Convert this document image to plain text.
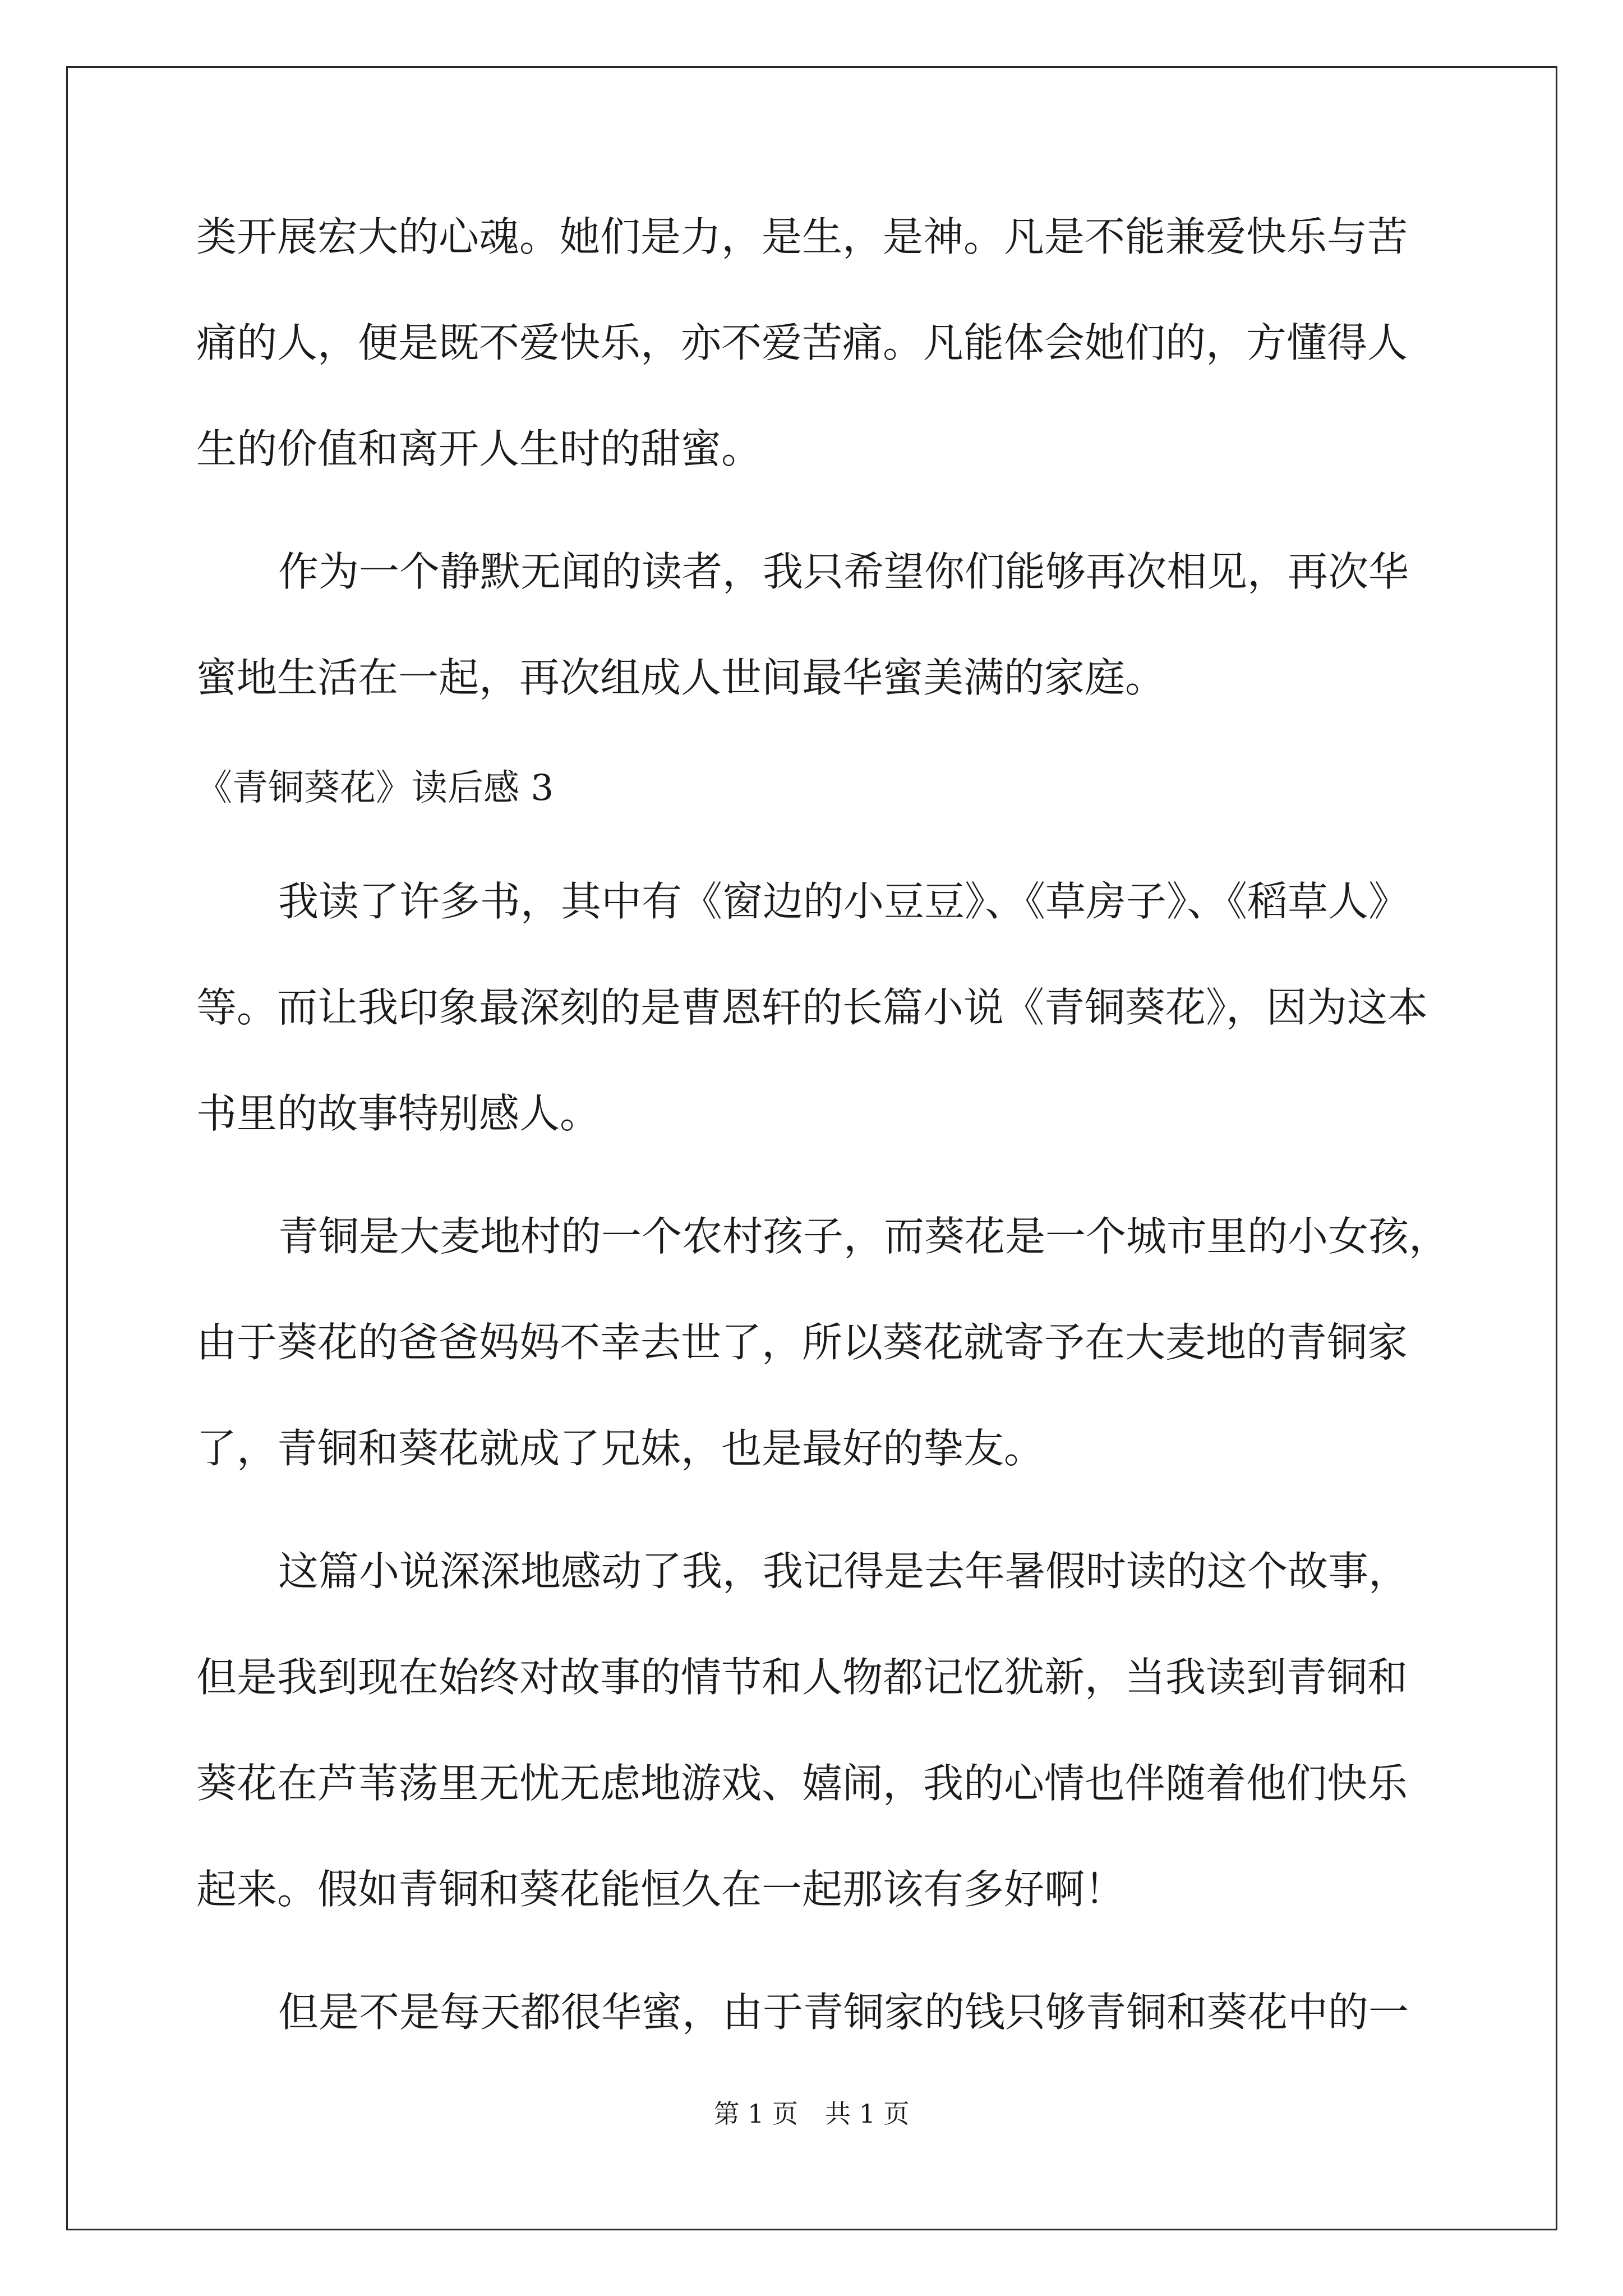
类开展宏大的心魂。她们是力，是生，是神。凡是不能兼爱快乐与苦
痛的人，便是既不爱快乐，亦不爱苦痛。凡能体会她们的，方懂得人
生的价值和离开人生时的甜蜜。
作为一个静默无闻的读者，我只希望你们能够再次相见，再次华
蜜地生活在一起，再次组成人世间最华蜜美满的家庭。
《青铜葵花》读后感 3
我读了许多书，其中有《窗边的小豆豆》、《草房子》、《稻草人》
等。而让我印象最深刻的是曹恩轩的长篇小说《青铜葵花》，因为这本
书里的故事特别感人。
青铜是大麦地村的一个农村孩子，而葵花是一个城市里的小女孩，
由于葵花的爸爸妈妈不幸去世了，所以葵花就寄予在大麦地的青铜家
了，青铜和葵花就成了兄妹，也是最好的挚友。
这篇小说深深地感动了我，我记得是去年暑假时读的这个故事，
但是我到现在始终对故事的情节和人物都记忆犹新，当我读到青铜和
葵花在芦苇荡里无忧无虑地游戏、嬉闹，我的心情也伴随着他们快乐
起来。假如青铜和葵花能恒久在一起那该有多好啊！
但是不是每天都很华蜜，由于青铜家的钱只够青铜和葵花中的一
第 1 页 共 1 页
